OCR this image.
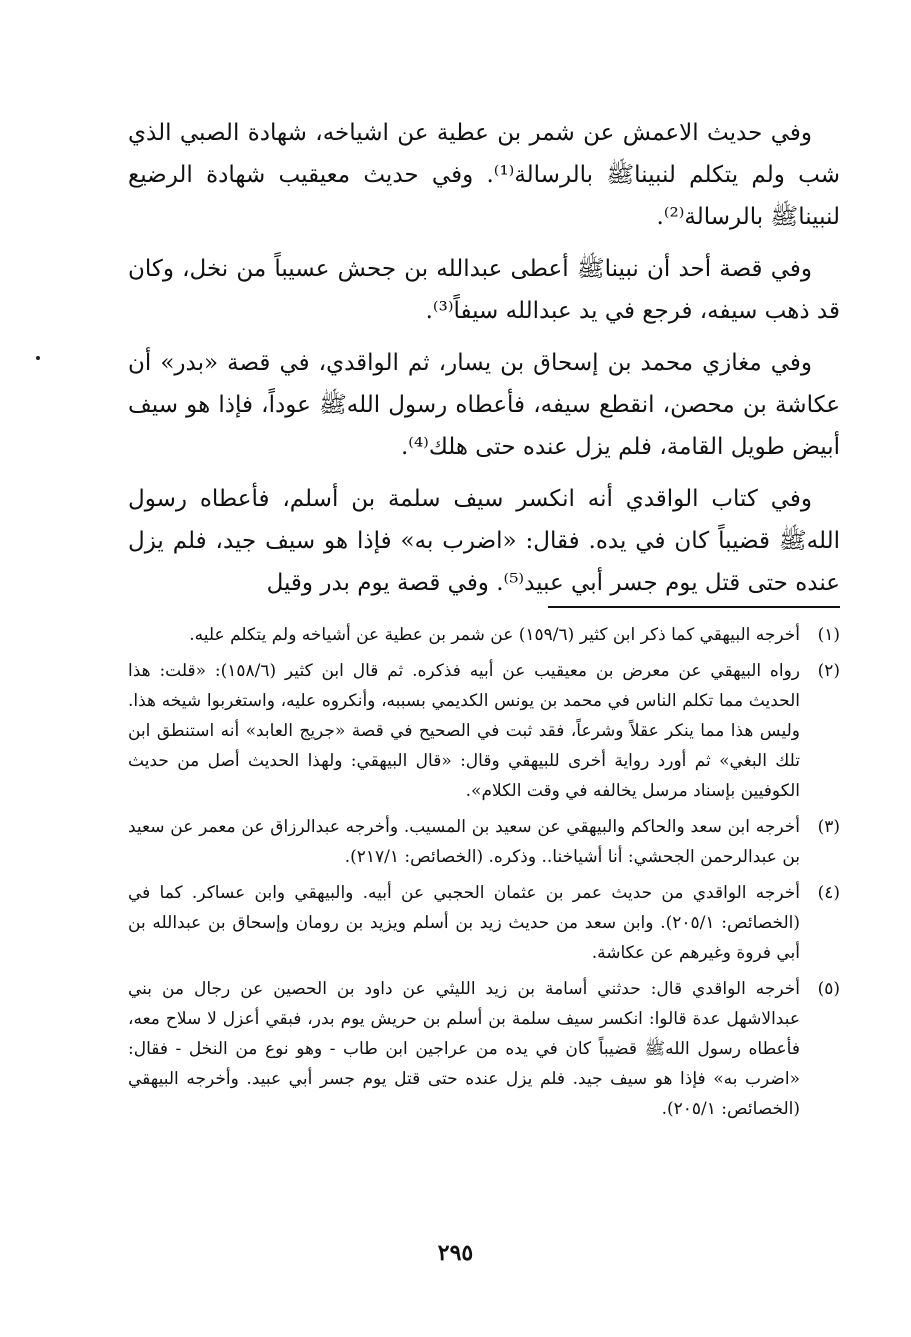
وفي حديث الاعمش عن شمر بن عطية عن اشياخه، شهادة الصبي الذي شب ولم يتكلم لنبيناﷺ بالرسالة⁽¹⁾. وفي حديث معيقيب شهادة الرضيع لنبيناﷺ بالرسالة⁽²⁾.

وفي قصة أحد أن نبيناﷺ أعطى عبدالله بن جحش عسيباً من نخل، وكان قد ذهب سيفه، فرجع في يد عبدالله سيفاً⁽³⁾.

وفي مغازي محمد بن إسحاق بن يسار، ثم الواقدي، في قصة «بدر» أن عكاشة بن محصن، انقطع سيفه، فأعطاه رسول اللهﷺ عوداً، فإذا هو سيف أبيض طويل القامة، فلم يزل عنده حتى هلك⁽⁴⁾.

وفي كتاب الواقدي أنه انكسر سيف سلمة بن أسلم، فأعطاه رسول اللهﷺ قضيباً كان في يده. فقال: «اضرب به» فإذا هو سيف جيد، فلم يزل عنده حتى قتل يوم جسر أبي عبيد⁽⁵⁾. وفي قصة يوم بدر وقيل

(١)
أخرجه البيهقي كما ذكر ابن كثير (١٥٩/٦) عن شمر بن عطية عن أشياخه ولم يتكلم عليه.
(٢)
رواه البيهقي عن معرض بن معيقيب عن أبيه فذكره. ثم قال ابن كثير (١٥٨/٦): «قلت: هذا الحديث مما تكلم الناس في محمد بن يونس الكديمي بسببه، وأنكروه عليه، واستغربوا شيخه هذا. وليس هذا مما ينكر عقلاً وشرعاً، فقد ثبت في الصحيح في قصة «جريج العابد» أنه استنطق ابن تلك البغي» ثم أورد رواية أخرى للبيهقي وقال: «قال البيهقي: ولهذا الحديث أصل من حديث الكوفيين بإسناد مرسل يخالفه في وقت الكلام».
(٣)
أخرجه ابن سعد والحاكم والبيهقي عن سعيد بن المسيب. وأخرجه عبدالرزاق عن معمر عن سعيد بن عبدالرحمن الجحشي: أنا أشياخنا.. وذكره. (الخصائص: ٢١٧/١).
(٤)
أخرجه الواقدي من حديث عمر بن عثمان الحجبي عن أبيه. والبيهقي وابن عساكر. كما في (الخصائص: ٢٠٥/١). وابن سعد من حديث زيد بن أسلم ويزيد بن رومان وإسحاق بن عبدالله بن أبي فروة وغيرهم عن عكاشة.
(٥)
أخرجه الواقدي قال: حدثني أسامة بن زيد الليثي عن داود بن الحصين عن رجال من بني عبدالاشهل عدة قالوا: انكسر سيف سلمة بن أسلم بن حريش يوم بدر، فبقي أعزل لا سلاح معه، فأعطاه رسول اللهﷺ قضيباً كان في يده من عراجين ابن طاب - وهو نوع من النخل - فقال: «اضرب به» فإذا هو سيف جيد. فلم يزل عنده حتى قتل يوم جسر أبي عبيد. وأخرجه البيهقي (الخصائص: ٢٠٥/١).
٢٩٥
